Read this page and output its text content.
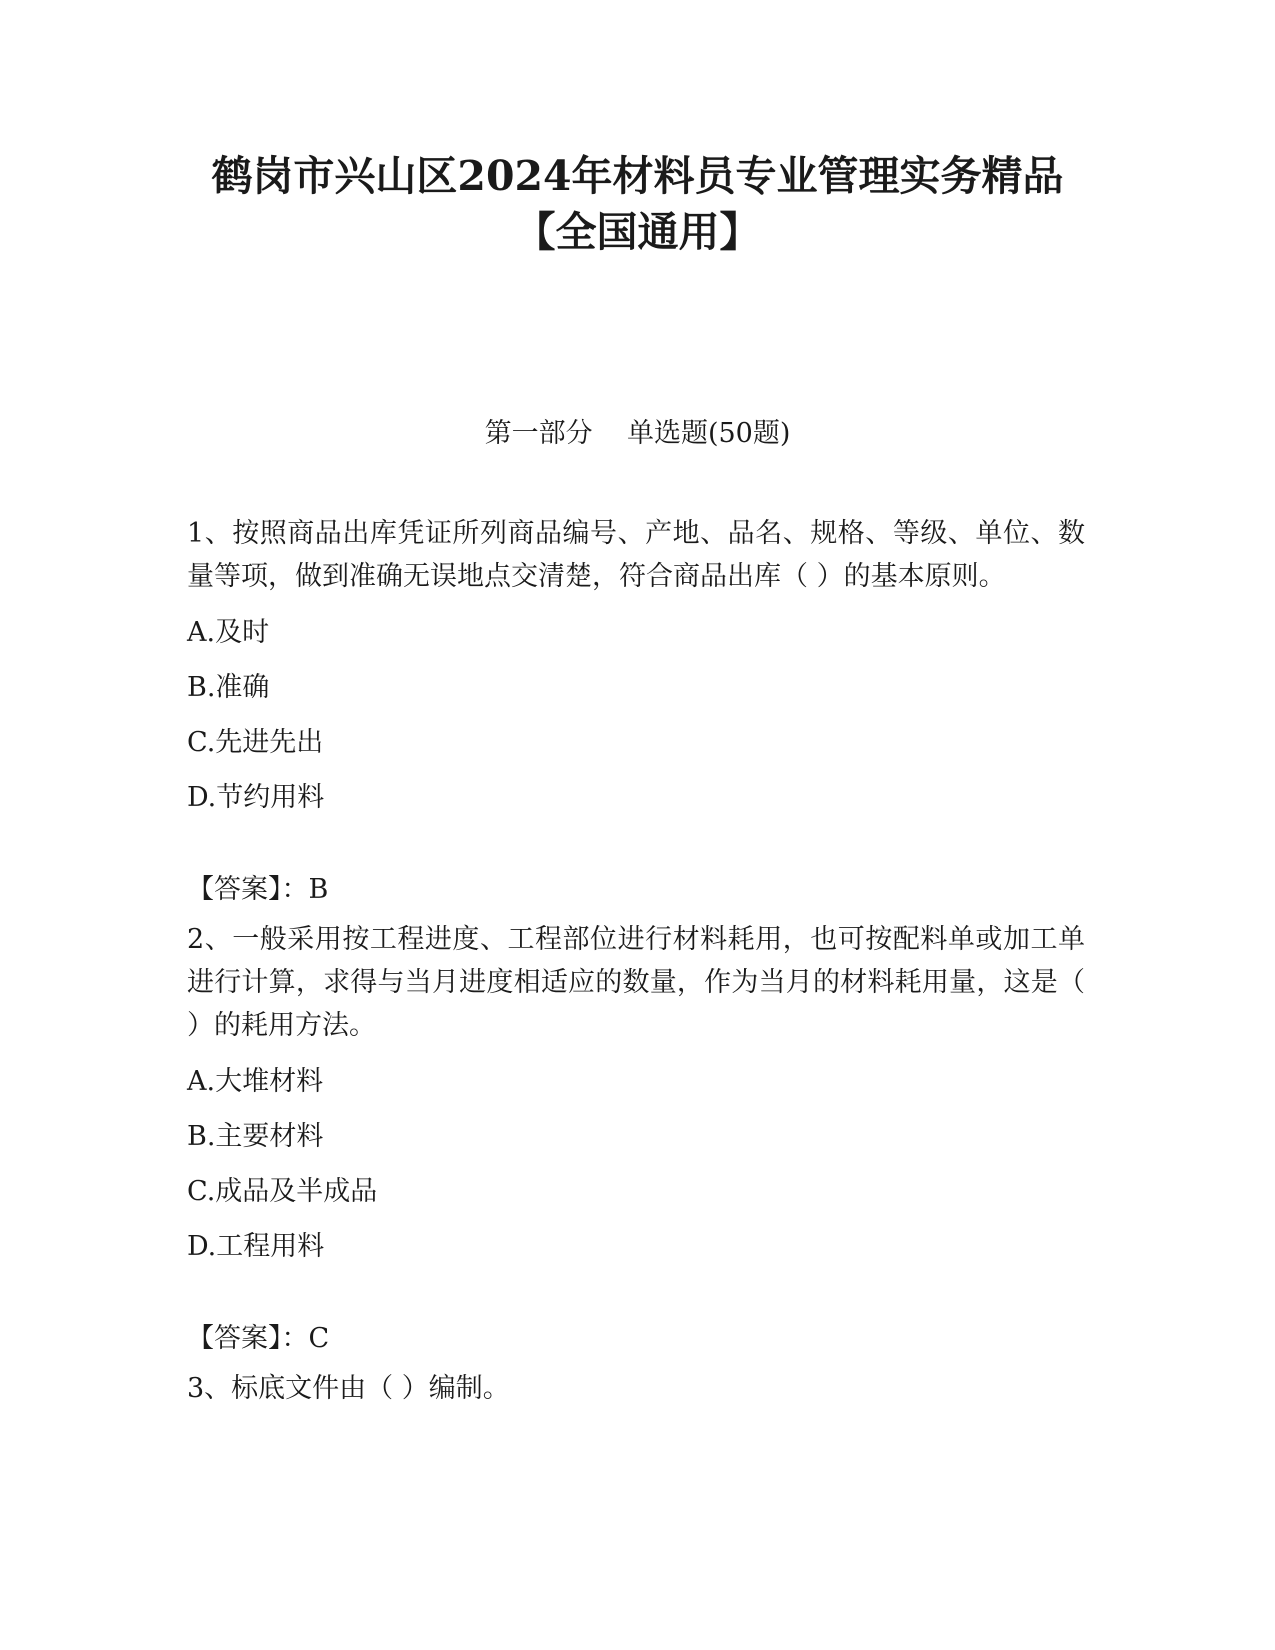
鹤岗市兴山区2024年材料员专业管理实务精品【全国通用】
第一部分    单选题(50题)

1、按照商品出库凭证所列商品编号、产地、品名、规格、等级、单位、数量等项，做到准确无误地点交清楚，符合商品出库（ ）的基本原则。

A.及时
B.准确
C.先进先出
D.节约用料
【答案】：B

2、一般采用按工程进度、工程部位进行材料耗用，也可按配料单或加工单进行计算，求得与当月进度相适应的数量，作为当月的材料耗用量，这是（ ）的耗用方法。

A.大堆材料
B.主要材料
C.成品及半成品
D.工程用料
【答案】：C

3、标底文件由（ ）编制。
